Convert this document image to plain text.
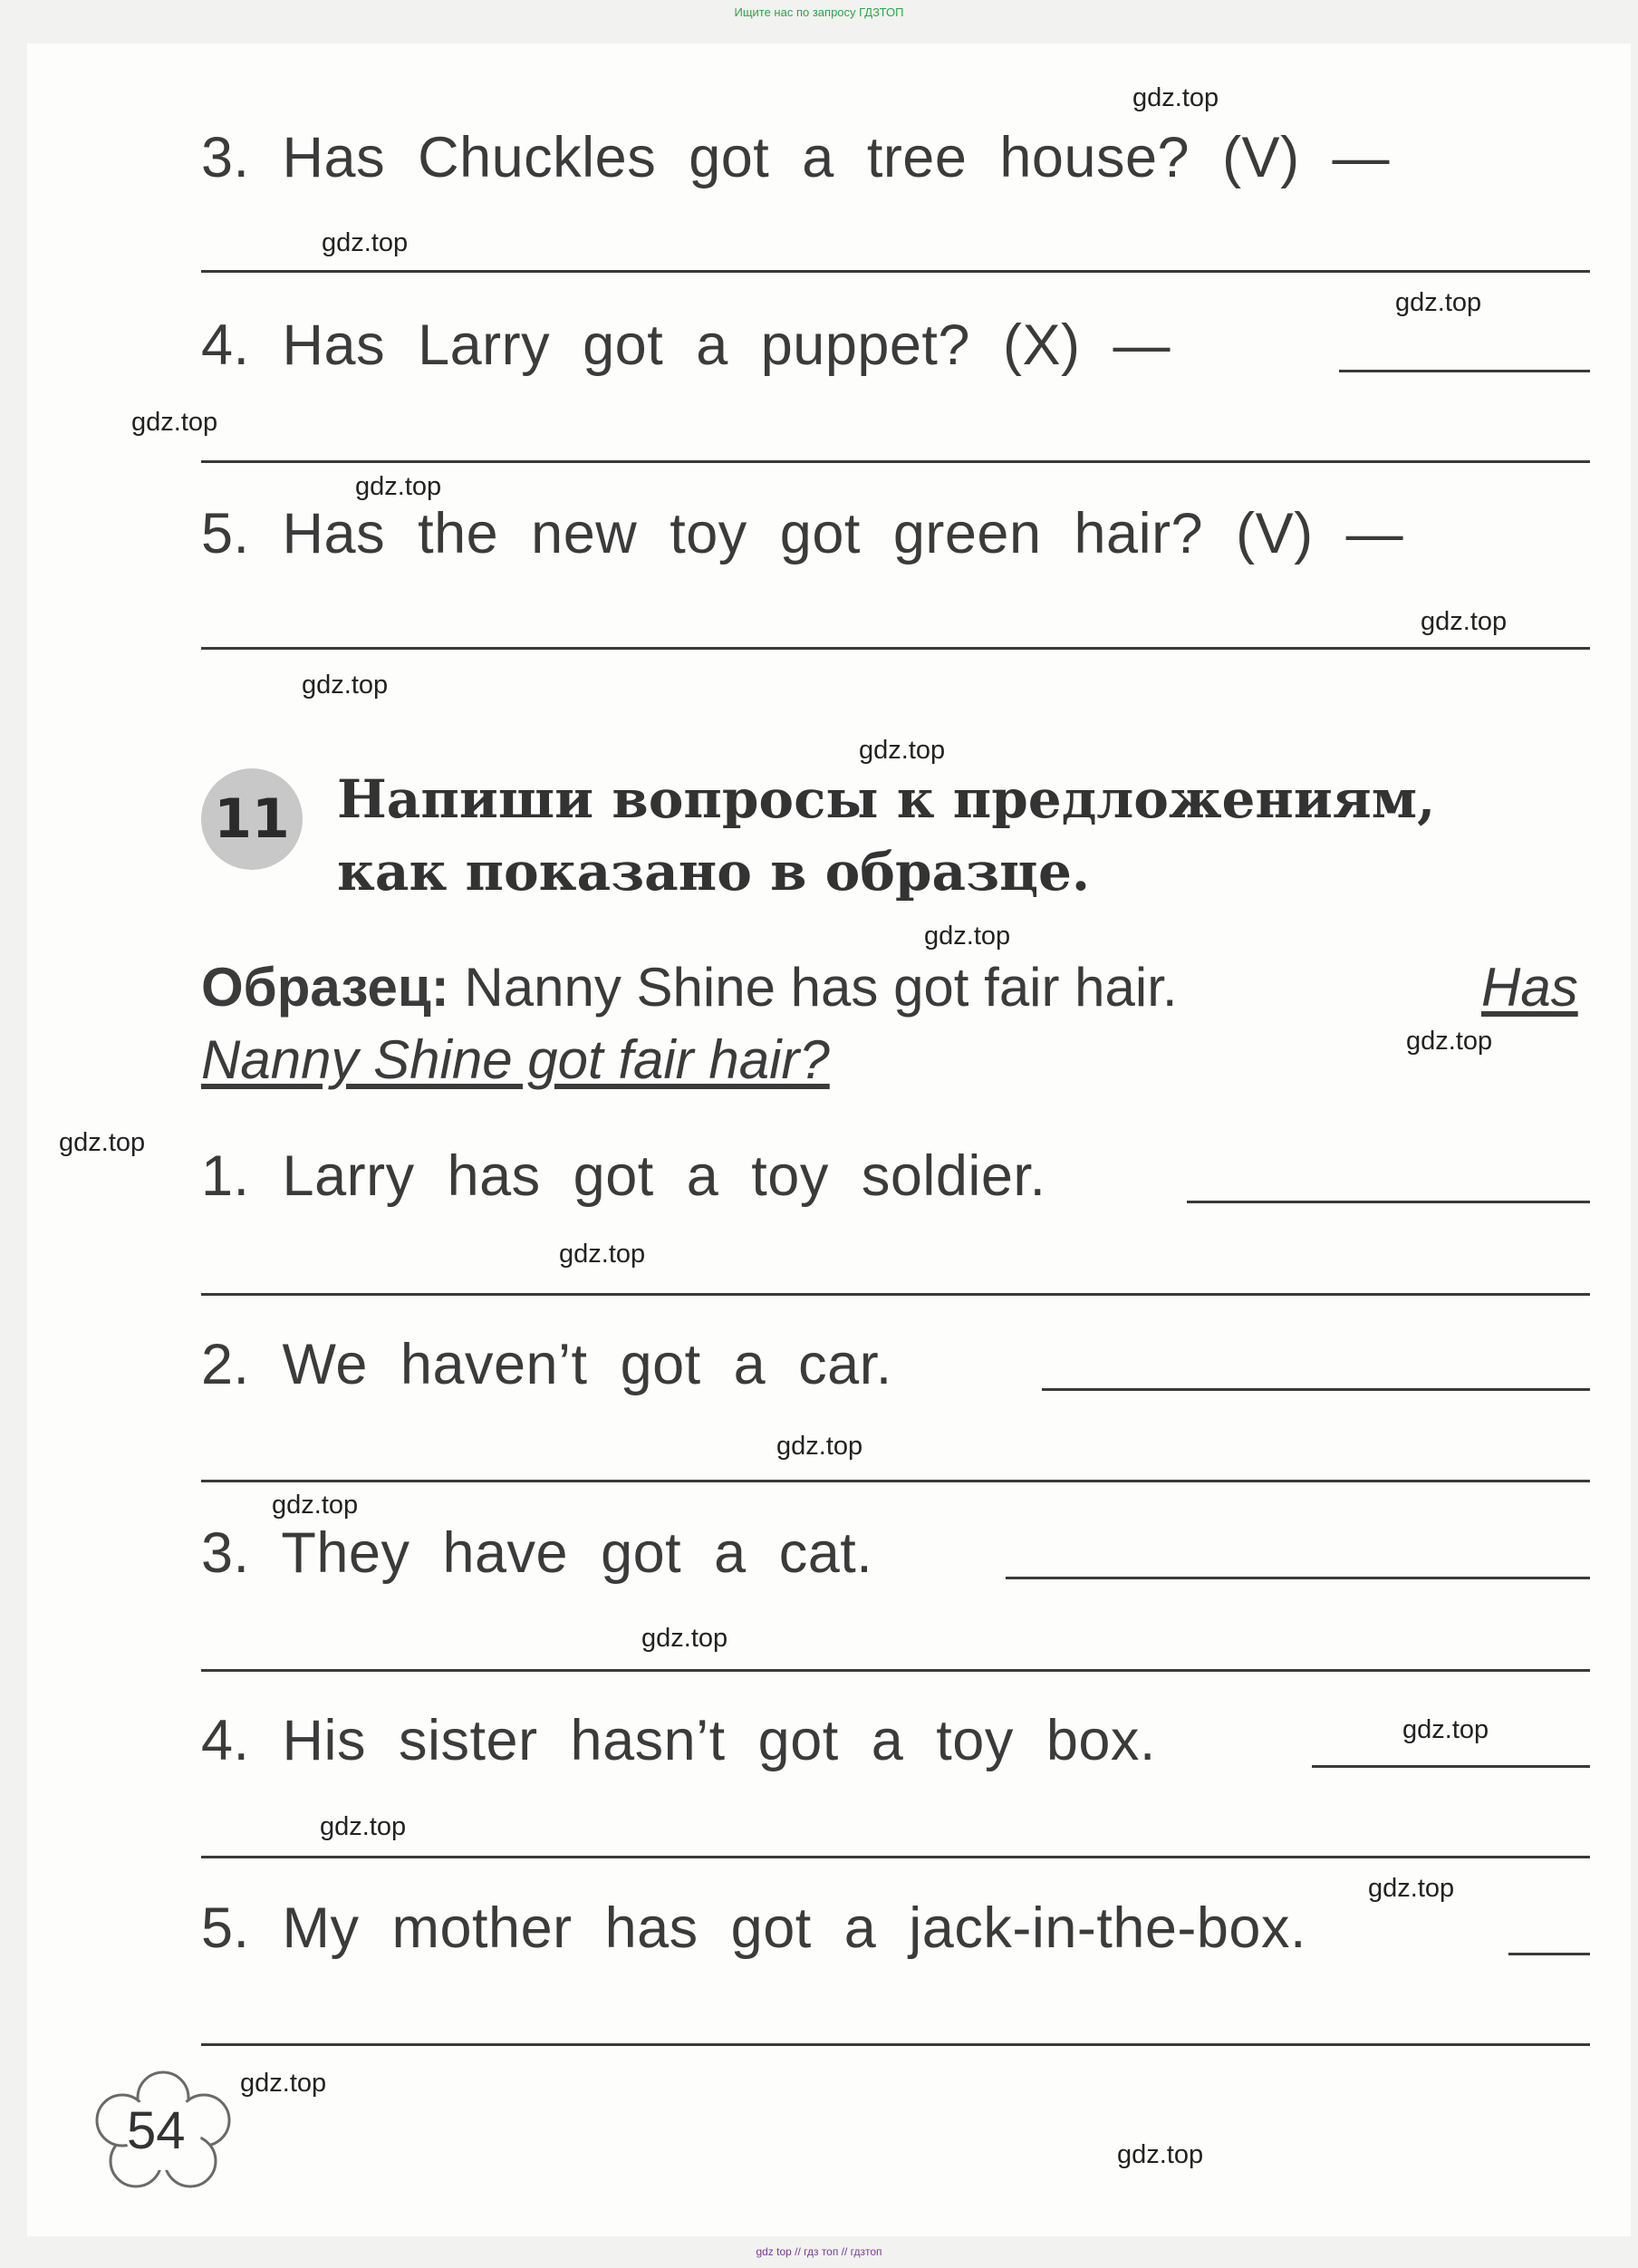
Ищите нас по запросу ГДЗТОП
gdz.top
gdz.top
gdz.top
gdz.top
gdz.top
gdz.top
gdz.top
gdz.top
gdz.top
gdz.top
gdz.top
gdz.top
gdz.top
gdz.top
gdz.top
gdz.top
gdz.top
gdz.top
gdz.top
gdz.top
3. Has Chuckles got a tree house? (V) —
4. Has Larry got a puppet? (X) —
5. Has the new toy got green hair? (V) —
11 Напиши вопросы к предложениям,
как показано в образце.
Образец: Nanny Shine has got fair hair.	Has
Nanny Shine got fair hair?
1. Larry has got a toy soldier.
2. We haven’t got a car.
3. They have got a cat.
4. His sister hasn’t got a toy box.
5. My mother has got a jack-in-the-box.
54
gdz top // гдз топ // гдзтоп
